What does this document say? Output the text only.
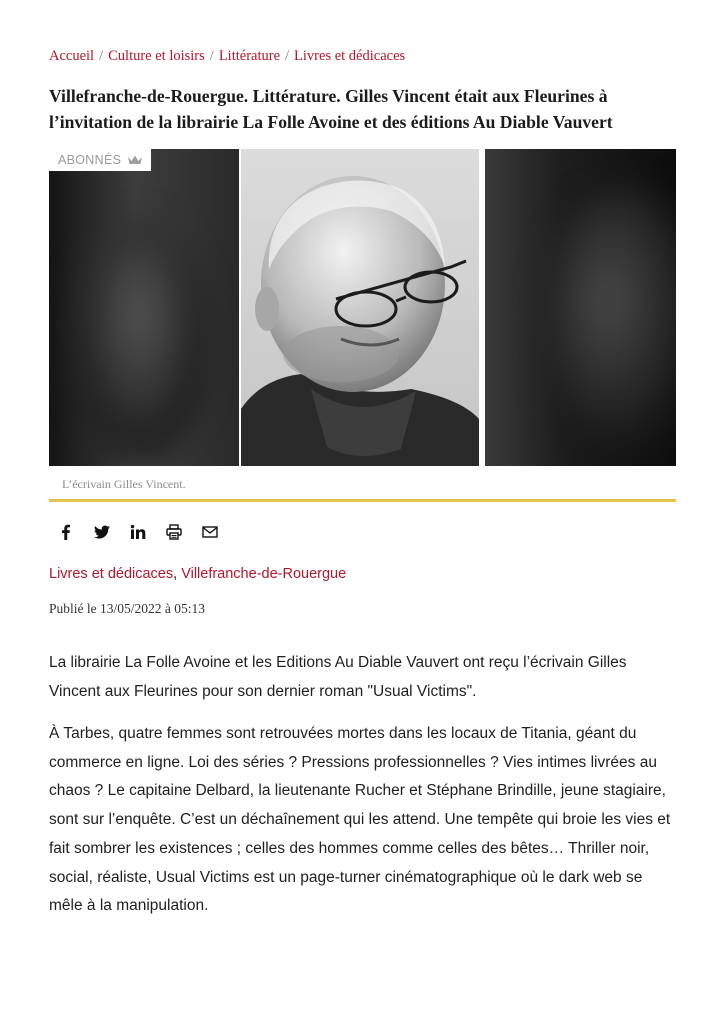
Accueil / Culture et loisirs / Littérature / Livres et dédicaces
Villefranche-de-Rouergue. Littérature. Gilles Vincent était aux Fleurines à l’invitation de la librairie La Folle Avoine et des éditions Au Diable Vauvert
ABONNÉS
L’écrivain Gilles Vincent.
Livres et dédicaces, Villefranche-de-Rouergue
Publié le 13/05/2022 à 05:13

La librairie La Folle Avoine et les Editions Au Diable Vauvert ont reçu l’écrivain Gilles Vincent aux Fleurines pour son dernier roman "Usual Victims".

À Tarbes, quatre femmes sont retrouvées mortes dans les locaux de Titania, géant du commerce en ligne. Loi des séries ? Pressions professionnelles ? Vies intimes livrées au chaos ? Le capitaine Delbard, la lieutenante Rucher et Stéphane Brindille, jeune stagiaire, sont sur l’enquête. C’est un déchaînement qui les attend. Une tempête qui broie les vies et fait sombrer les existences ; celles des hommes comme celles des bêtes… Thriller noir, social, réaliste, Usual Victims est un page-turner cinématographique où le dark web se mêle à la manipulation.
